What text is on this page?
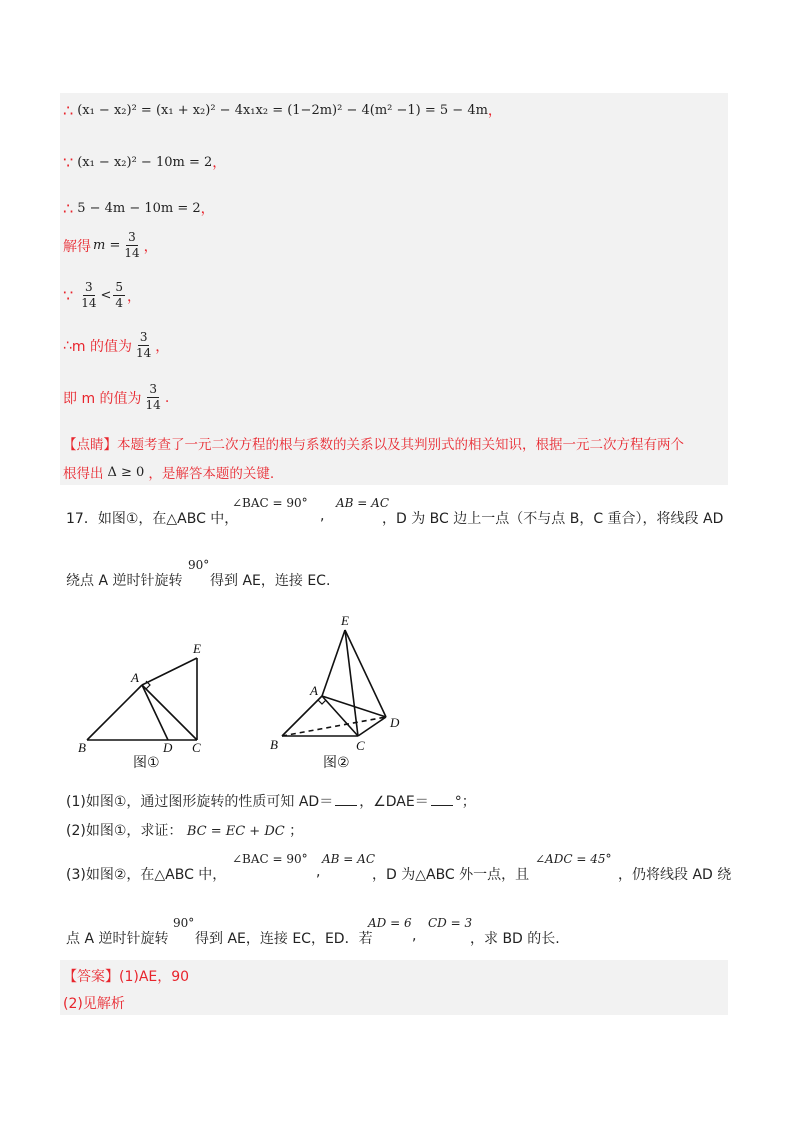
∴ (x₁ − x₂)² = (x₁ + x₂)² − 4x₁x₂ = (1−2m)² − 4(m² −1) = 5 − 4m ，
∵ (x₁ − x₂)² − 10m = 2 ，
∴ 5 − 4m − 10m = 2 ，
解得 $m = \frac{3}{14}$ ，
∵ $\frac{3}{14} < \frac{5}{4}$ ，
∴ m 的值为 $\frac{3}{14}$ ，
即 m 的值为 $\frac{3}{14}$ .
【点睛】 本题考查了一元二次方程的根与系数的关系以及其判别式的相关知识，根据一元二次方程有两个
根得出 Δ ≥ 0 ，是解答本题的关键.
17．如图①，在△ABC 中，
∠BAC = 90°
,
AB = AC
，D 为 BC 边上一点（不与点 B，C 重合），将线段 AD
绕点 A 逆时针旋转
90°
得到 AE，连接 EC.
E
A
B	D C
图①
E
A
B	C
D
图②
(1)如图①，通过图形旋转的性质可知 AD＝ ，∠DAE＝ °；
(2)如图①，求证： BC = EC + DC ；
(3)如图②，在△ABC 中，
∠BAC = 90°
,
AB = AC
，D 为△ABC 外一点，且
∠ADC = 45°
，仍将线段 AD 绕
点 A 逆时针旋转
90°
得到 AE，连接 EC，ED．若
AD = 6
,
CD = 3
，求 BD 的长.
【答案】 (1)AE，90
(2)见解析
